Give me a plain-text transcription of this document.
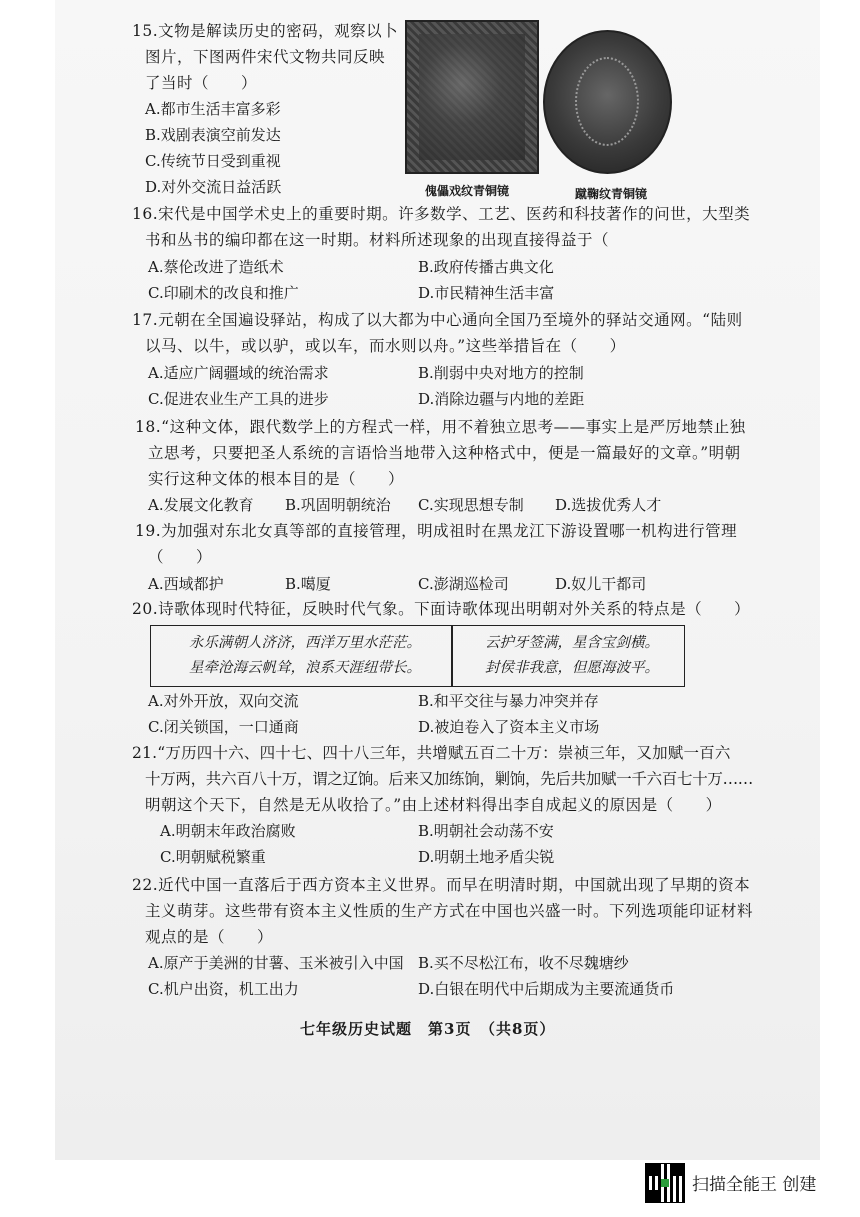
15.文物是解读历史的密码，观察以卜
图片，下图两件宋代文物共同反映
了当时（　　）
A.都市生活丰富多彩
B.戏剧表演空前发达
C.传统节日受到重视
D.对外交流日益活跃	傀儡戏纹青铜镜	蹴鞠纹青铜镜
16.宋代是中国学术史上的重要时期。许多数学、工艺、医药和科技著作的问世，大型类
书和丛书的编印都在这一时期。材料所述现象的出现直接得益于（
A.蔡伦改进了造纸术	B.政府传播古典文化
C.印刷术的改良和推广	D.市民精神生活丰富
17.元朝在全国遍设驿站，构成了以大都为中心通向全国乃至境外的驿站交通网。“陆则
以马、以牛，或以驴，或以车，而水则以舟。”这些举措旨在（　　）
A.适应广阔疆域的统治需求	B.削弱中央对地方的控制
C.促进农业生产工具的进步	D.消除边疆与内地的差距
18.“这种文体，跟代数学上的方程式一样，用不着独立思考——事实上是严厉地禁止独
立思考，只要把圣人系统的言语恰当地带入这种格式中，便是一篇最好的文章。”明朝
实行这种文体的根本目的是（　　）
A.发展文化教育 B.巩固明朝统治 C.实现思想专制 D.选拔优秀人才
19.为加强对东北女真等部的直接管理，明成祖时在黑龙江下游设置哪一机构进行管理
（　　）
A.西域都护	B.噶厦	C.澎湖巡检司	D.奴儿干都司
20.诗歌体现时代特征，反映时代气象。下面诗歌体现出明朝对外关系的特点是（　　）
永乐满朝人济济，西洋万里水茫茫。
星牵沧海云帆耸，浪系天涯纽带长。
云护牙签满，星含宝剑横。
封侯非我意，但愿海波平。
A.对外开放，双向交流	B.和平交往与暴力冲突并存
C.闭关锁国，一口通商	D.被迫卷入了资本主义市场
21.“万历四十六、四十七、四十八三年，共增赋五百二十万：崇祯三年，又加赋一百六
十万两，共六百八十万，谓之辽饷。后来又加练饷，剿饷，先后共加赋一千六百七十万……
明朝这个天下，自然是无从收拾了。”由上述材料得出李自成起义的原因是（　　）
A.明朝末年政治腐败	B.明朝社会动荡不安
C.明朝赋税繁重	D.明朝土地矛盾尖锐
22.近代中国一直落后于西方资本主义世界。而早在明清时期，中国就出现了早期的资本
主义萌芽。这些带有资本主义性质的生产方式在中国也兴盛一时。下列选项能印证材料
观点的是（　　）
A.原产于美洲的甘薯、玉米被引入中国 B.买不尽松江布，收不尽魏塘纱
C.机户出资，机工出力	D.白银在明代中后期成为主要流通货币
七年级历史试题　第3页　（共8页）
扫描全能王 创建
